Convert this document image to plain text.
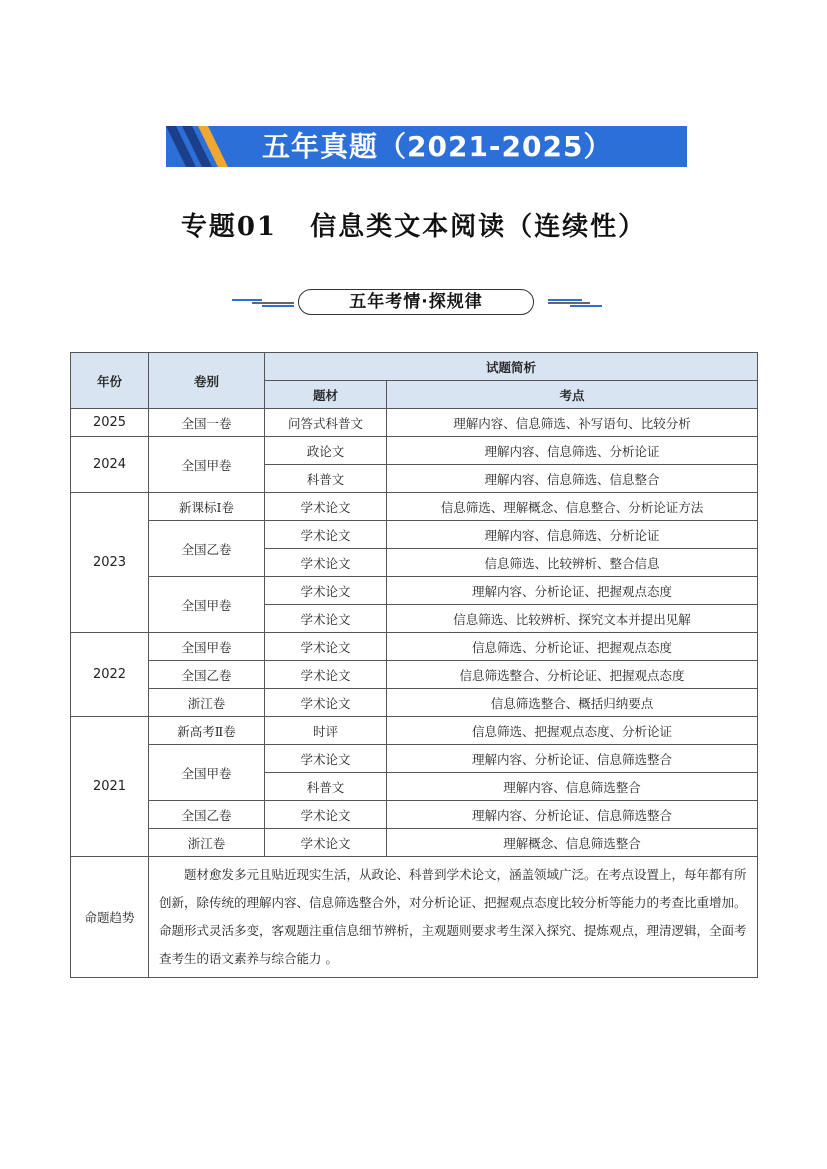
五年真题（2021-2025）
专题01   信息类文本阅读（连续性）
五年考情·探规律
年份	卷别	试题简析	
		题材	考点
2025	全国一卷	问答式科普文	理解内容、信息筛选、补写语句、比较分析
2024	全国甲卷	政论文	理解内容、信息筛选、分析论证
		科普文	理解内容、信息筛选、信息整合
2023	新课标Ⅰ卷	学术论文	信息筛选、理解概念、信息整合、分析论证方法
	全国乙卷	学术论文	理解内容、信息筛选、分析论证
		学术论文	信息筛选、比较辨析、整合信息
	全国甲卷	学术论文	理解内容、分析论证、把握观点态度
		学术论文	信息筛选、比较辨析、探究文本并提出见解
2022	全国甲卷	学术论文	信息筛选、分析论证、把握观点态度
	全国乙卷	学术论文	信息筛选整合、分析论证、把握观点态度
	浙江卷	学术论文	信息筛选整合、概括归纳要点
2021	新高考Ⅱ卷	时评	信息筛选、把握观点态度、分析论证
	全国甲卷	学术论文	理解内容、分析论证、信息筛选整合
		科普文	理解内容、信息筛选整合
	全国乙卷	学术论文	理解内容、分析论证、信息筛选整合
	浙江卷	学术论文	理解概念、信息筛选整合
命题趋势	题材愈发多元且贴近现实生活，从政论、科普到学术论文，涵盖领域广泛。在考点设置上，每年都有所创新，除传统的理解内容、信息筛选整合外，对分析论证、把握观点态度比较分析等能力的考查比重增加。命题形式灵活多变，客观题注重信息细节辨析，主观题则要求考生深入探究、提炼观点，理清逻辑，全面考查考生的语文素养与综合能力 。		
